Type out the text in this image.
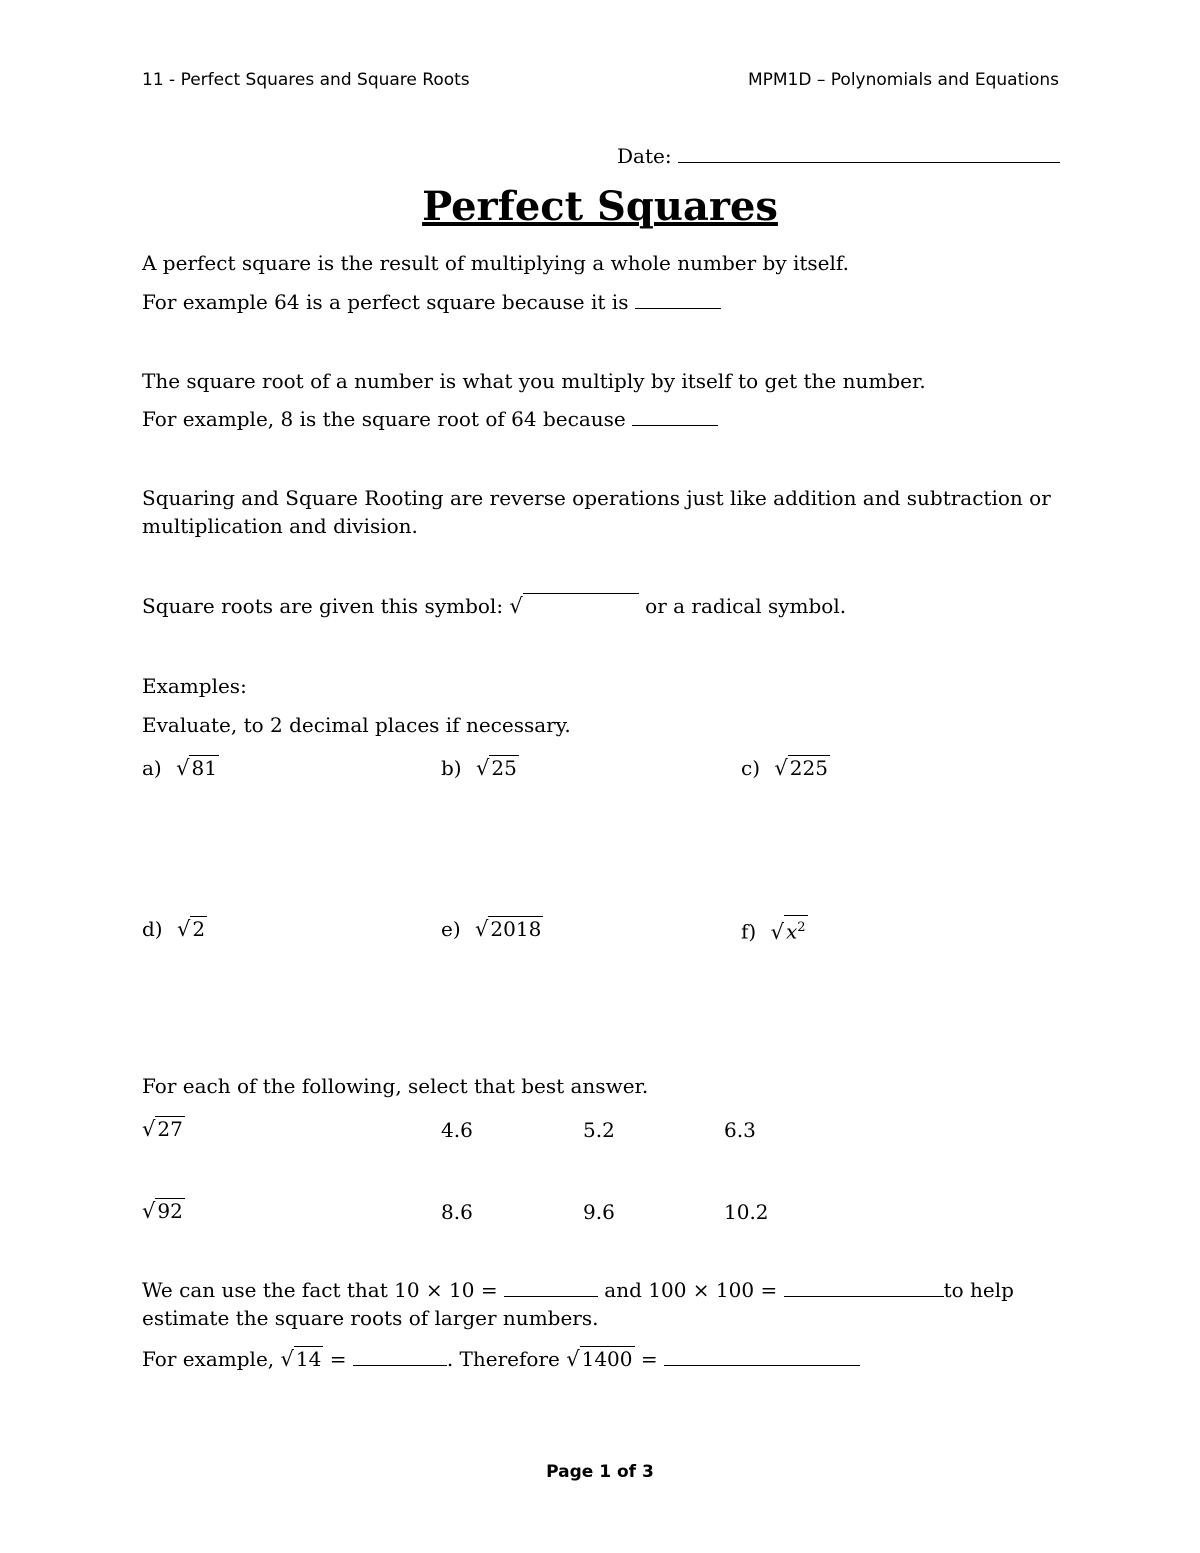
11 - Perfect Squares and Square Roots	MPM1D – Polynomials and Equations
Date:
Perfect Squares
A perfect square is the result of multiplying a whole number by itself.
For example 64 is a perfect square because it is
The square root of a number is what you multiply by itself to get the number.
For example, 8 is the square root of 64 because
Squaring and Square Rooting are reverse operations just like addition and subtraction or
multiplication and division.
Square roots are given this symbol: √
	or a radical symbol.
Examples:
Evaluate, to 2 decimal places if necessary.
a) √ 81	b) √ 25	c) √ 225
d) √ 2	e) √ 2018	f) √ $x^2$
For each of the following, select that best answer.
√ 27	4.6	5.2	6.3
√ 92	8.6	9.6	10.2
We can use the fact that 10 × 10 =	and 100 × 100 =	to help
estimate the square roots of larger numbers.
For example, √ 14 =	. Therefore √ 1400 =
Page 1 of 3
